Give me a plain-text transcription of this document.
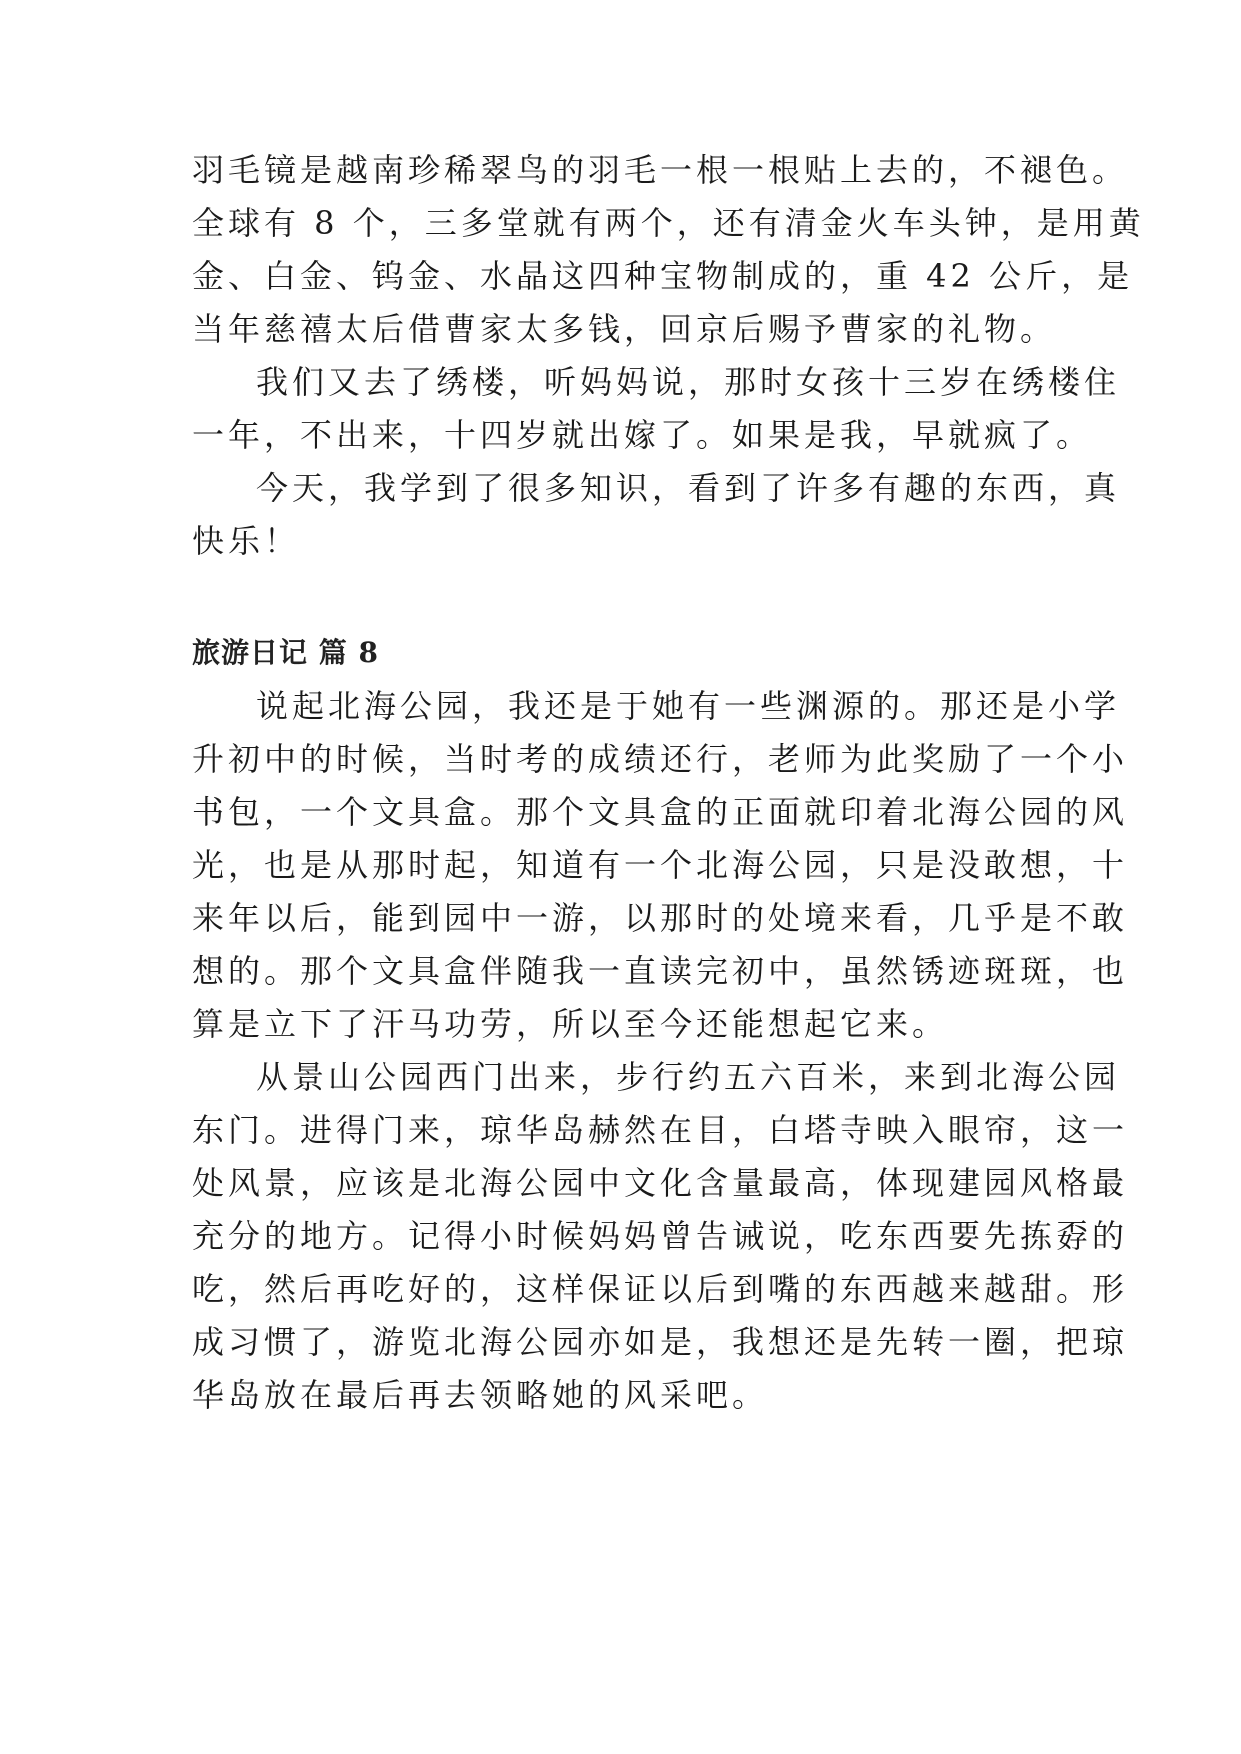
羽毛镜是越南珍稀翠鸟的羽毛一根一根贴上去的，不褪色。

全球有 8 个，三多堂就有两个，还有清金火车头钟，是用黄

金、白金、钨金、水晶这四种宝物制成的，重 42 公斤，是

当年慈禧太后借曹家太多钱，回京后赐予曹家的礼物。

我们又去了绣楼，听妈妈说，那时女孩十三岁在绣楼住

一年，不出来，十四岁就出嫁了。如果是我，早就疯了。

今天，我学到了很多知识，看到了许多有趣的东西，真

快乐！

旅游日记 篇 8

说起北海公园，我还是于她有一些渊源的。那还是小学

升初中的时候，当时考的成绩还行，老师为此奖励了一个小

书包，一个文具盒。那个文具盒的正面就印着北海公园的风

光，也是从那时起，知道有一个北海公园，只是没敢想，十

来年以后，能到园中一游，以那时的处境来看，几乎是不敢

想的。那个文具盒伴随我一直读完初中，虽然锈迹斑斑，也

算是立下了汗马功劳，所以至今还能想起它来。

从景山公园西门出来，步行约五六百米，来到北海公园

东门。进得门来，琼华岛赫然在目，白塔寺映入眼帘，这一

处风景，应该是北海公园中文化含量最高，体现建园风格最

充分的地方。记得小时候妈妈曾告诫说，吃东西要先拣孬的

吃，然后再吃好的，这样保证以后到嘴的东西越来越甜。形

成习惯了，游览北海公园亦如是，我想还是先转一圈，把琼

华岛放在最后再去领略她的风采吧。
